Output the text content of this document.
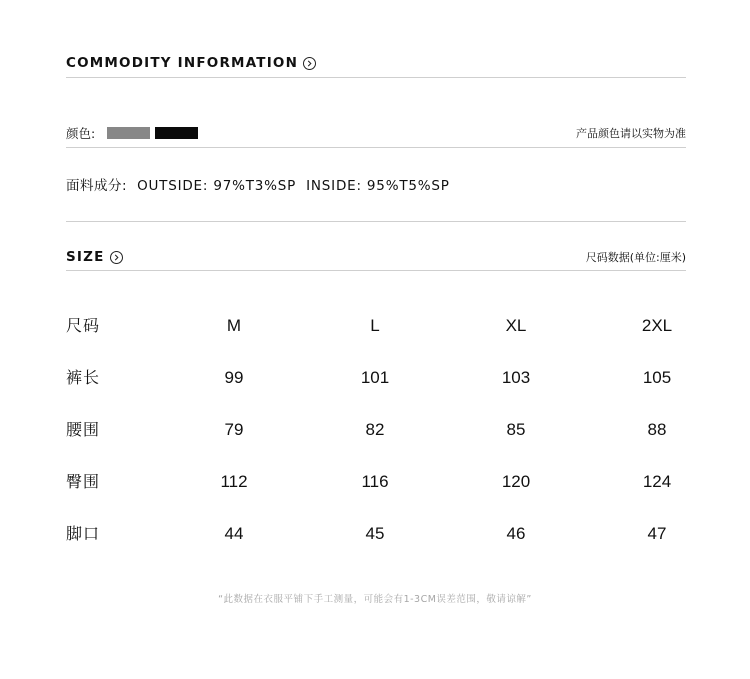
COMMODITY INFORMATION
颜色:	产品颜色请以实物为准
面料成分: OUTSIDE: 97%T3%SP INSIDE: 95%T5%SP
SIZE	尺码数据(单位:厘米)
尺码	M	L	XL	2XL
裤长	99	101	103	105
腰围	79	82	85	88
臀围	112	116	120	124
脚口	44	45	46	47
“此数据在衣服平铺下手工测量，可能会有1-3CM误差范围，敬请谅解”
